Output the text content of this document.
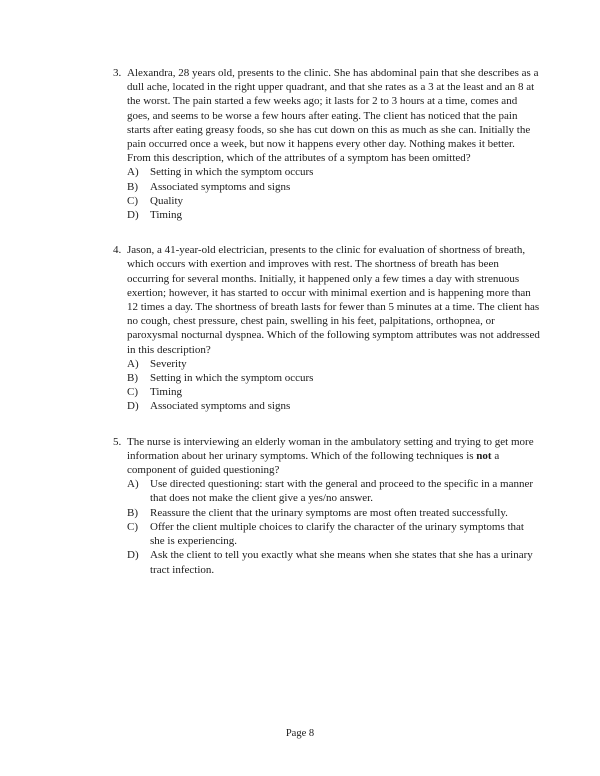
3. Alexandra, 28 years old, presents to the clinic. She has abdominal pain that she describes as a dull ache, located in the right upper quadrant, and that she rates as a 3 at the least and an 8 at the worst. The pain started a few weeks ago; it lasts for 2 to 3 hours at a time, comes and goes, and seems to be worse a few hours after eating. The client has noticed that the pain starts after eating greasy foods, so she has cut down on this as much as she can. Initially the pain occurred once a week, but now it happens every other day. Nothing makes it better. From this description, which of the attributes of a symptom has been omitted?
A)	Setting in which the symptom occurs
B)	Associated symptoms and signs
C)	Quality
D)	Timing
4. Jason, a 41-year-old electrician, presents to the clinic for evaluation of shortness of breath, which occurs with exertion and improves with rest. The shortness of breath has been occurring for several months. Initially, it happened only a few times a day with strenuous exertion; however, it has started to occur with minimal exertion and is happening more than 12 times a day. The shortness of breath lasts for fewer than 5 minutes at a time. The client has no cough, chest pressure, chest pain, swelling in his feet, palpitations, orthopnea, or paroxysmal nocturnal dyspnea. Which of the following symptom attributes was not addressed in this description?
A)	Severity
B)	Setting in which the symptom occurs
C)	Timing
D)	Associated symptoms and signs
5. The nurse is interviewing an elderly woman in the ambulatory setting and trying to get more information about her urinary symptoms. Which of the following techniques is not a component of guided questioning?
A)	Use directed questioning: start with the general and proceed to the specific in a manner that does not make the client give a yes/no answer.
B)	Reassure the client that the urinary symptoms are most often treated successfully.
C)	Offer the client multiple choices to clarify the character of the urinary symptoms that she is experiencing.
D)	Ask the client to tell you exactly what she means when she states that she has a urinary tract infection.
Page 8
